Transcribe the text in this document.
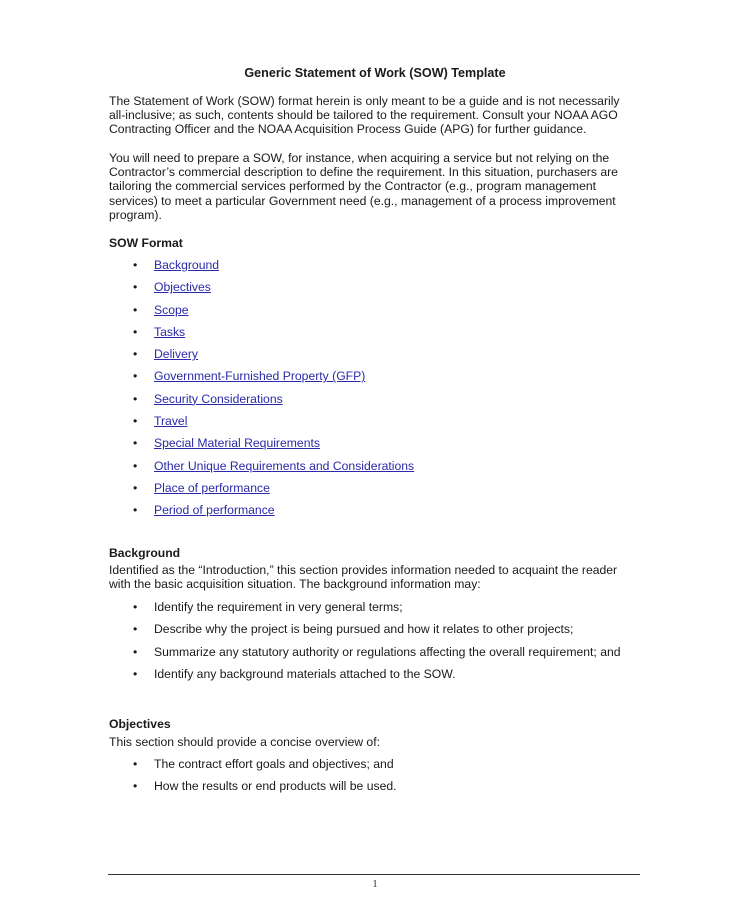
Generic Statement of Work (SOW) Template
The Statement of Work (SOW) format herein is only meant to be a guide and is not necessarily all-inclusive; as such, contents should be tailored to the requirement. Consult your NOAA AGO Contracting Officer and the NOAA Acquisition Process Guide (APG) for further guidance.
You will need to prepare a SOW, for instance, when acquiring a service but not relying on the Contractor’s commercial description to define the requirement. In this situation, purchasers are tailoring the commercial services performed by the Contractor (e.g., program management services) to meet a particular Government need (e.g., management of a process improvement program).
SOW Format
• Background
• Objectives
• Scope
• Tasks
• Delivery
• Government-Furnished Property (GFP)
• Security Considerations
• Travel
• Special Material Requirements
• Other Unique Requirements and Considerations
• Place of performance
• Period of performance
Background
Identified as the “Introduction,” this section provides information needed to acquaint the reader with the basic acquisition situation. The background information may:
• Identify the requirement in very general terms;
• Describe why the project is being pursued and how it relates to other projects;
• Summarize any statutory authority or regulations affecting the overall requirement; and
• Identify any background materials attached to the SOW.
Objectives
This section should provide a concise overview of:
• The contract effort goals and objectives; and
• How the results or end products will be used.
1
